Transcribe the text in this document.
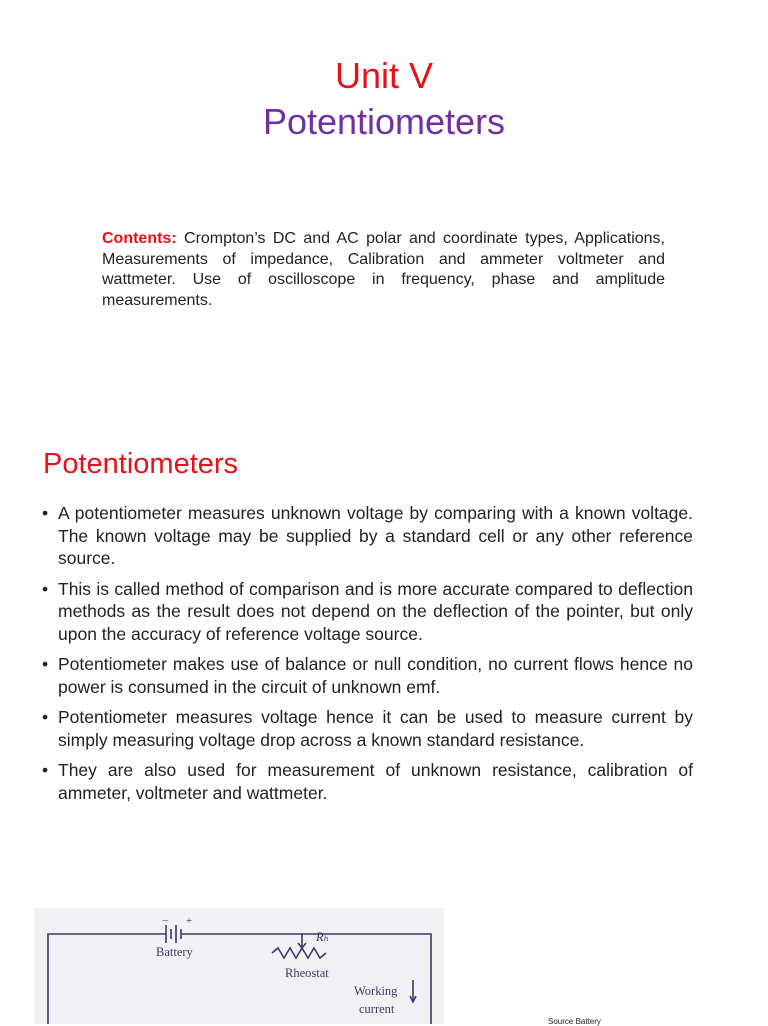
Unit V
Potentiometers
Contents: Crompton’s DC and AC polar and coordinate types, Applications, Measurements of impedance, Calibration and ammeter voltmeter and wattmeter. Use of oscilloscope in frequency, phase and amplitude measurements.
Potentiometers
• A potentiometer measures unknown voltage by comparing with a known voltage. The known voltage may be supplied by a standard cell or any other reference source.
• This is called method of comparison and is more accurate compared to deflection methods as the result does not depend on the deflection of the pointer, but only upon the accuracy of reference voltage source.
• Potentiometer makes use of balance or null condition, no current flows hence no power is consumed in the circuit of unknown emf.
• Potentiometer measures voltage hence it can be used to measure current by simply measuring voltage drop across a known standard resistance.
• They are also used for measurement of unknown resistance, calibration of ammeter, voltmeter and wattmeter.
− +
Battery
Rₕ
Rheostat
Working
current
Source Battery
